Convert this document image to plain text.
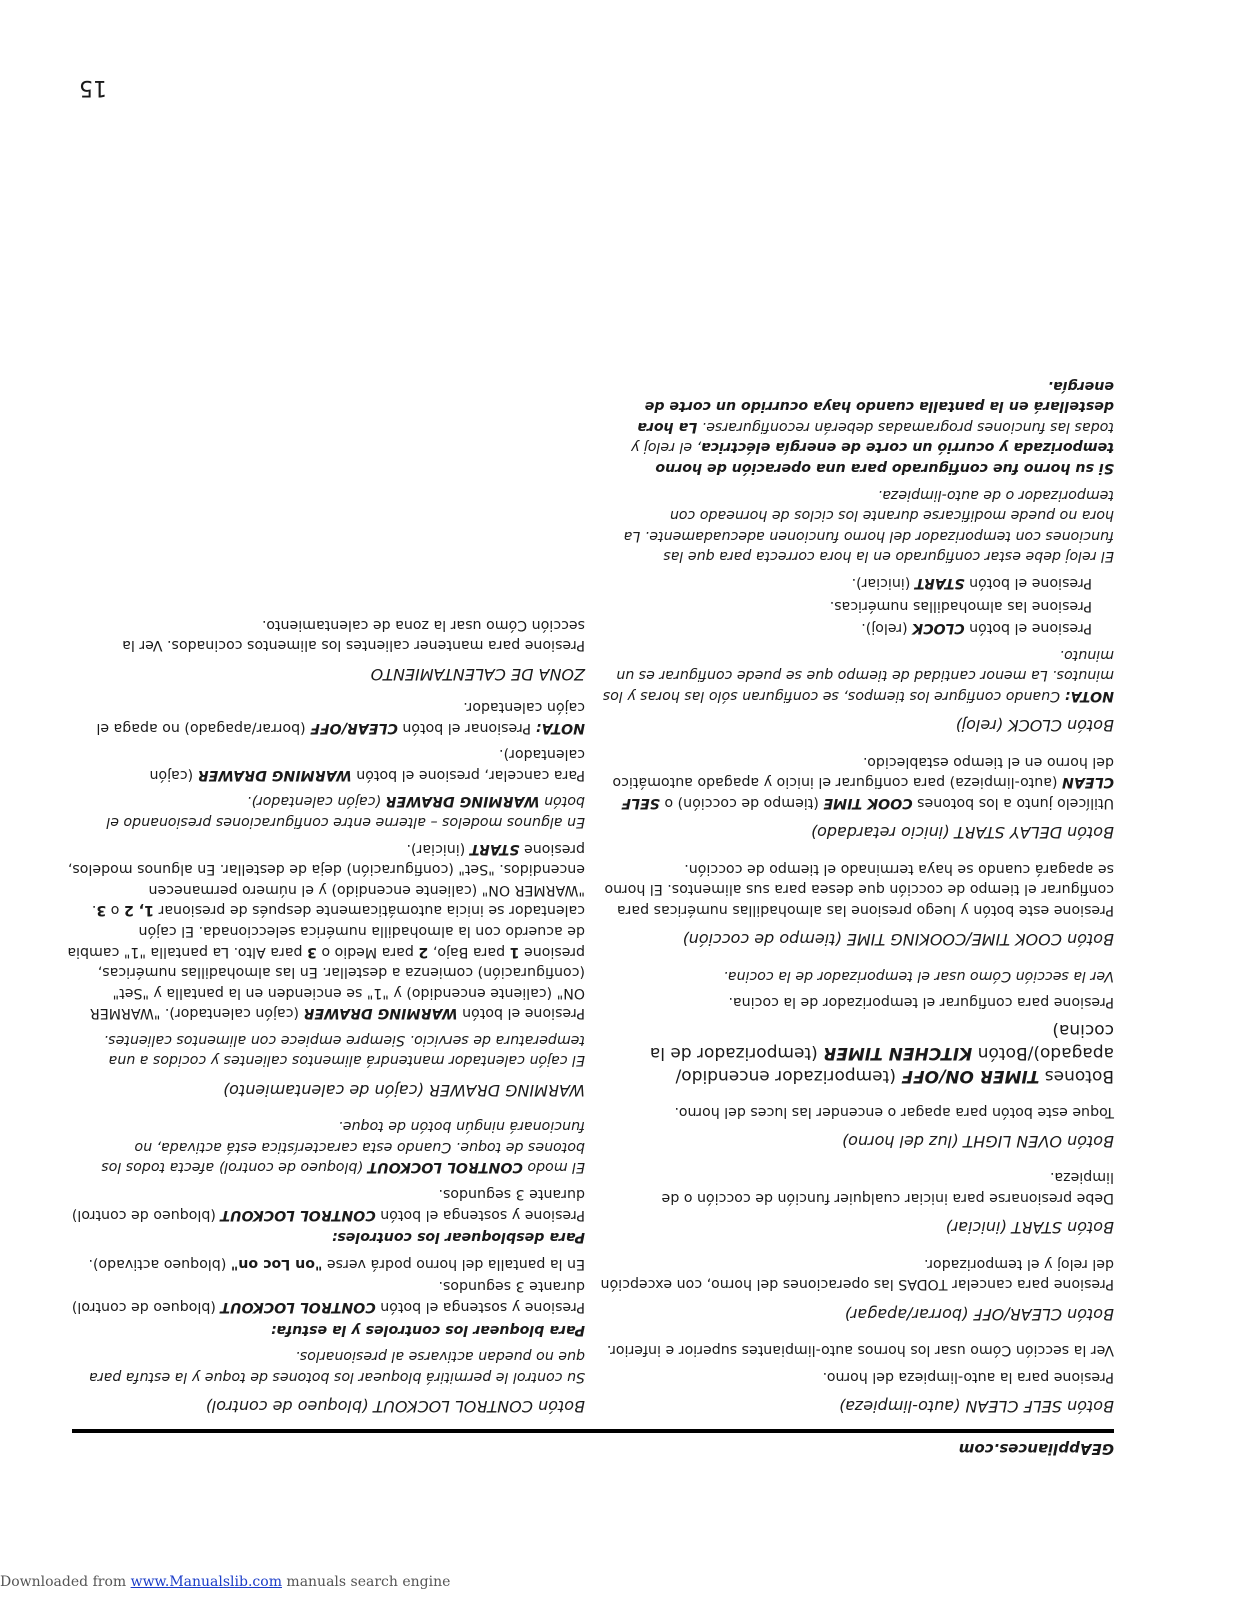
GEAppliances.com
Botón SELF CLEAN (auto-limpieza)

Presione para la auto-limpieza del horno.

Ver la sección Cómo usar los hornos auto-limpiantes superior e inferior.

Botón CLEAR/OFF (borrar/apagar)

Presione para cancelar TODAS las operaciones del horno, con excepción del reloj y el temporizador.

Botón START (iniciar)

Debe presionarse para iniciar cualquier función de cocción o de limpieza.

Botón OVEN LIGHT (luz del horno)

Toque este botón para apagar o encender las luces del horno.

Botones TIMER ON/OFF (temporizador encendido/ apagado)/Botón KITCHEN TIMER (temporizador de la cocina)

Presione para configurar el temporizador de la cocina.

Ver la sección Cómo usar el temporizador de la cocina.

Botón COOK TIME/COOKING TIME (tiempo de cocción)

Presione este botón y luego presione las almohadillas numéricas para configurar el tiempo de cocción que desea para sus alimentos. El horno se apagará cuando se haya terminado el tiempo de cocción.

Botón DELAY START (inicio retardado)

Utilícelo junto a los botones COOK TIME (tiempo de cocción) o SELF CLEAN (auto-limpieza) para configurar el inicio y apagado automático del horno en el tiempo establecido.

Botón CLOCK (reloj)

NOTA: Cuando configure los tiempos, se configuran sólo las horas y los minutos. La menor cantidad de tiempo que se puede configurar es un minuto.

Presione el botón CLOCK (reloj).

Presione las almohadillas numéricas.

Presione el botón START (iniciar).

El reloj debe estar configurado en la hora correcta para que las funciones con temporizador del horno funcionen adecuadamente. La hora no puede modificarse durante los ciclos de horneado con temporizador o de auto-limpieza.

Si su horno fue configurado para una operación de horno temporizada y ocurrió un corte de energía eléctrica, el reloj y todas las funciones programadas deberán reconfigurarse. La hora destellará en la pantalla cuando haya ocurrido un corte de energía.

Botón CONTROL LOCKOUT (bloqueo de control)

Su control le permitirá bloquear los botones de toque y la estufa para que no puedan activarse al presionarlos.

Para bloquear los controles y la estufa:

Presione y sostenga el botón CONTROL LOCKOUT (bloqueo de control) durante 3 segundos.

En la pantalla del horno podrá verse "on Loc on" (bloqueo activado).

Para desbloquear los controles:

Presione y sostenga el botón CONTROL LOCKOUT (bloqueo de control) durante 3 segundos.

El modo CONTROL LOCKOUT (bloqueo de control) afecta todos los botones de toque. Cuando esta característica está activada, no funcionará ningún botón de toque.

WARMING DRAWER (cajón de calentamiento)

El cajón calentador mantendrá alimentos calientes y cocidos a una temperatura de servicio. Siempre empiece con alimentos calientes.

Presione el botón WARMING DRAWER (cajón calentador). "WARMER ON" (caliente encendido) y "1" se encienden en la pantalla y "Set" (configuración) comienza a destellar. En las almohadillas numéricas, presione 1 para Bajo, 2 para Medio o 3 para Alto. La pantalla "1" cambia de acuerdo con la almohadilla numérica seleccionada. El cajón calentador se inicia automáticamente después de presionar 1, 2 o 3. "WARMER ON" (caliente encendido) y el número permanecen encendidos. "Set" (configuración) deja de destellar. En algunos modelos, presione START (iniciar).

En algunos modelos – alterne entre configuraciones presionando el botón WARMING DRAWER (cajón calentador).

Para cancelar, presione el botón WARMING DRAWER (cajón calentador).

NOTA: Presionar el botón CLEAR/OFF (borrar/apagado) no apaga el cajón calentador.

ZONA DE CALENTAMIENTO

Presione para mantener calientes los alimentos cocinados. Ver la sección Cómo usar la zona de calentamiento.

15
Downloaded from www.Manualslib.com manuals search engine
